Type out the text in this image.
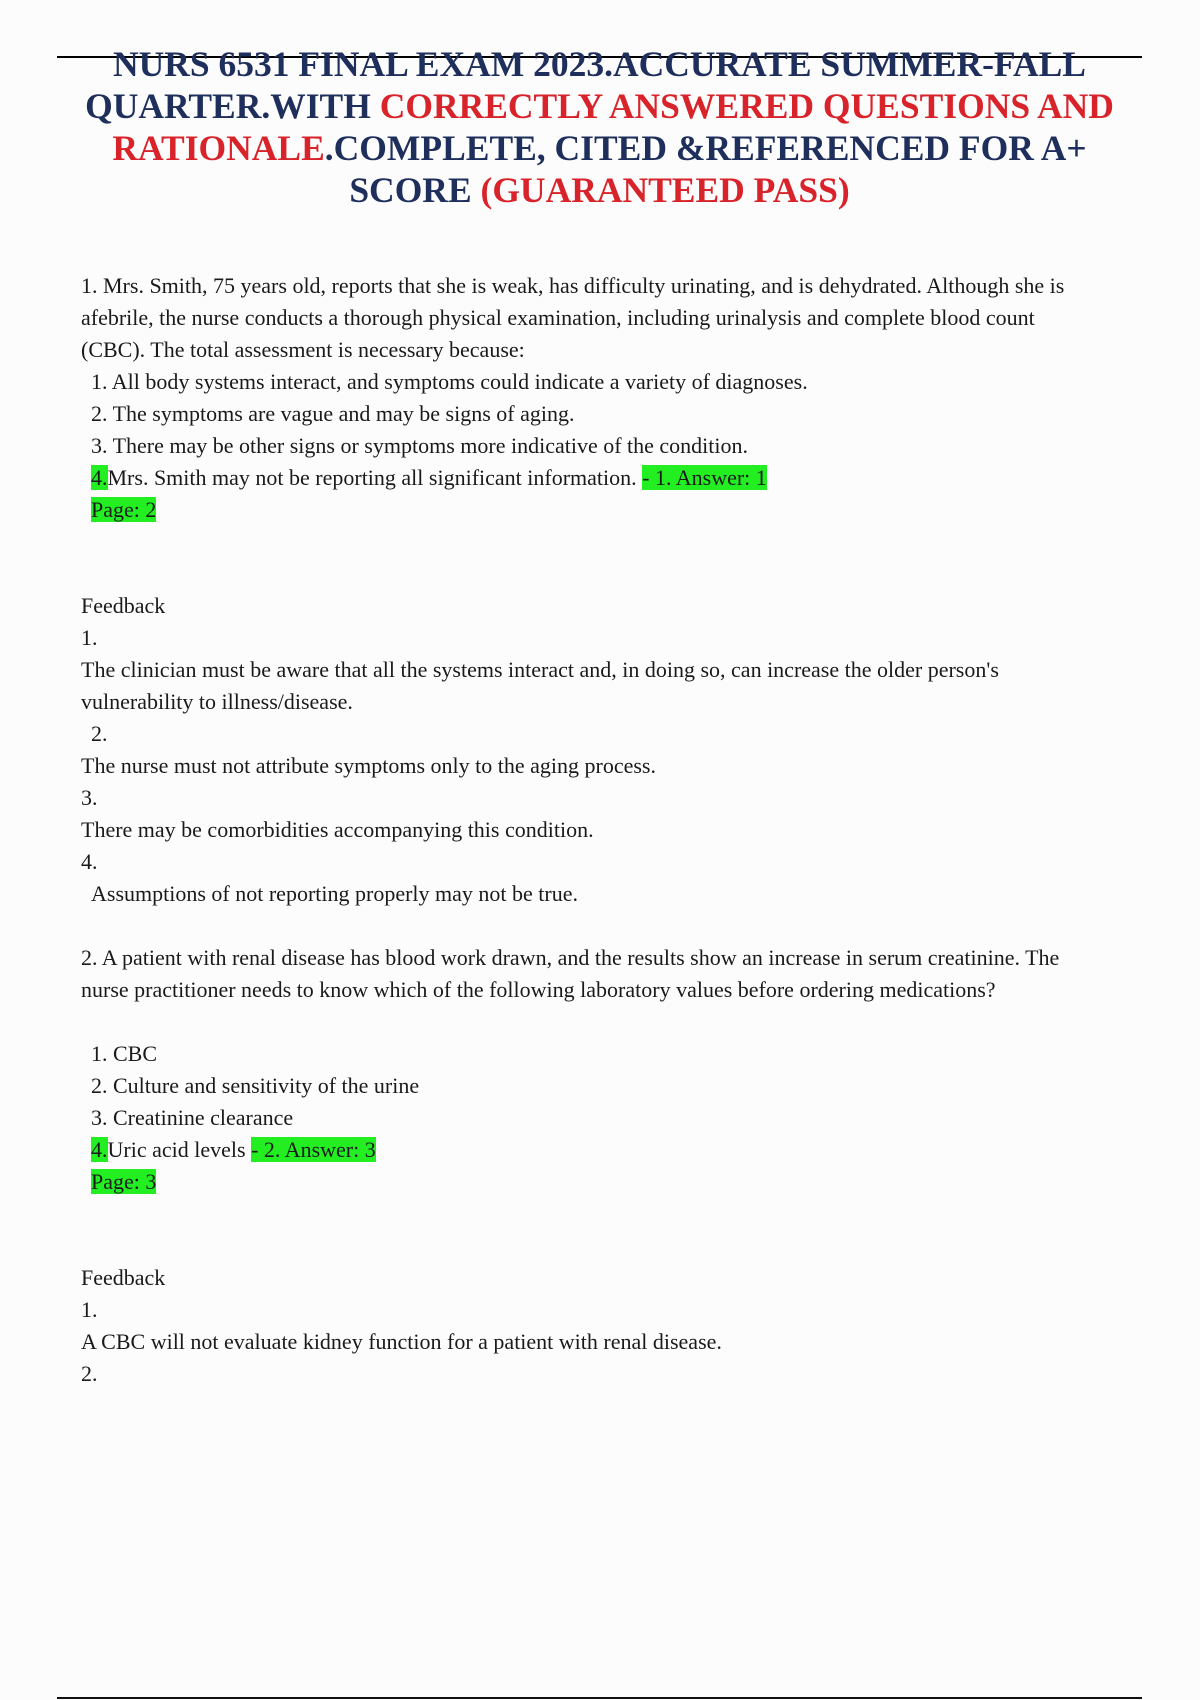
NURS 6531 FINAL EXAM 2023.ACCURATE SUMMER-FALL QUARTER.WITH CORRECTLY ANSWERED QUESTIONS AND RATIONALE.COMPLETE, CITED &REFERENCED FOR A+ SCORE (GUARANTEED PASS)

1. Mrs. Smith, 75 years old, reports that she is weak, has difficulty urinating, and is dehydrated. Although she is afebrile, the nurse conducts a thorough physical examination, including urinalysis and complete blood count (CBC). The total assessment is necessary because:

1. All body systems interact, and symptoms could indicate a variety of diagnoses.

2. The symptoms are vague and may be signs of aging.

3. There may be other signs or symptoms more indicative of the condition.

4.Mrs. Smith may not be reporting all significant information. - 1. Answer: 1

Page: 2

Feedback

1.

The clinician must be aware that all the systems interact and, in doing so, can increase the older person's vulnerability to illness/disease.

2.

The nurse must not attribute symptoms only to the aging process.

3.

There may be comorbidities accompanying this condition.

4.

Assumptions of not reporting properly may not be true.

2. A patient with renal disease has blood work drawn, and the results show an increase in serum creatinine. The nurse practitioner needs to know which of the following laboratory values before ordering medications?

1. CBC

2. Culture and sensitivity of the urine

3. Creatinine clearance

4.Uric acid levels - 2. Answer: 3

Page: 3

Feedback

1.

A CBC will not evaluate kidney function for a patient with renal disease.

2.
